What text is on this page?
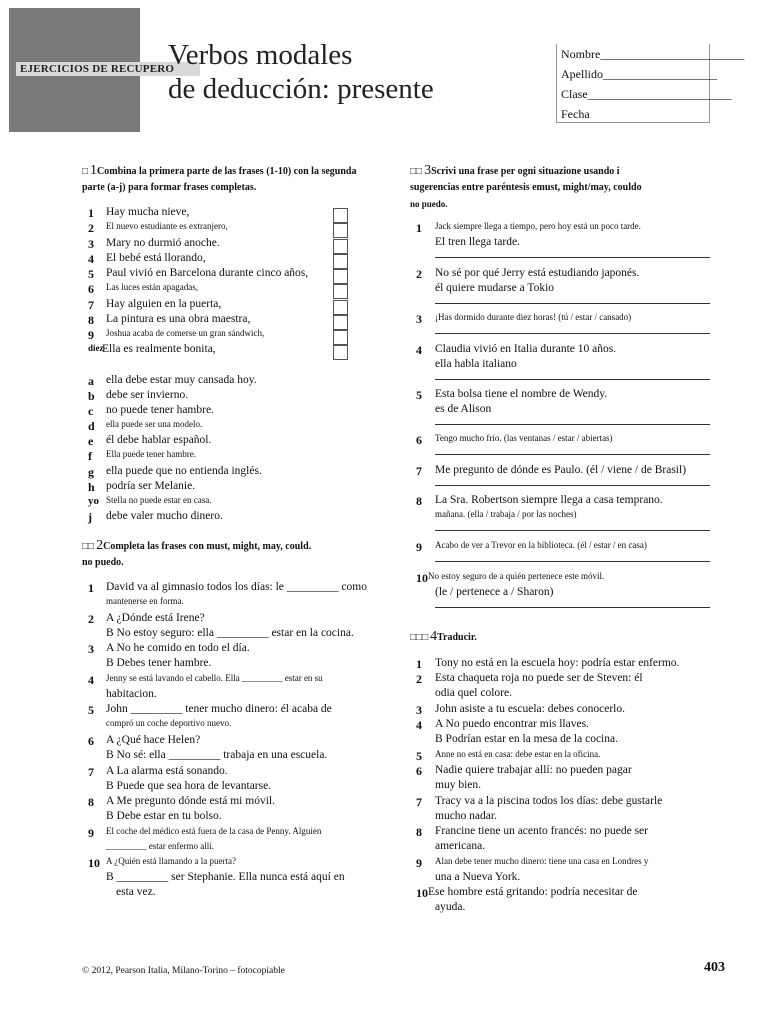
EJERCICIOS DE RECUPERO
Verbos modales
de deducción: presente
Nombre________________________
Apellido___________________
Clase________________________
Fecha
□ 1Combina la primera parte de las frases (1-10) con la segunda
parte (a-j) para formar frases completas.
1 Hay mucha nieve,
2 El nuevo estudiante es extranjero,
3 Mary no durmió anoche.
4 El bebé está llorando,
5 Paul vivió en Barcelona durante cinco años,
6 Las luces están apagadas,
7 Hay alguien en la puerta,
8 La pintura es una obra maestra,
9 Joshua acaba de comerse un gran sándwich,
diez
Ella es realmente bonita,
a ella debe estar muy cansada hoy.
b debe ser invierno.
c no puede tener hambre.
d ella puede ser una modelo.
e él debe hablar español.
f Ella puede tener hambre.
g ella puede que no entienda inglés.
h podría ser Melanie.
yo Stella no puede estar en casa.
j debe valer mucho dinero.
□□ 2Completa las frases con must, might, may, could.
no puedo.
1 David va al gimnasio todos los días: le _________ como
mantenerse en forma.
2 A ¿Dónde está Irene?
B No estoy seguro: ella _________ estar en la cocina.
3 A No he comido en todo el día.
B Debes tener hambre.
4 Jenny se está lavando el cabello. Ella _________ estar en su
habitacion.
5 John _________ tener mucho dinero: él acaba de
compró un coche deportivo nuevo.
6 A ¿Qué hace Helen?
B No sé: ella _________ trabaja en una escuela.
7 A La alarma está sonando.
B Puede que sea hora de levantarse.
8 A Me pregunto dónde está mi móvil.
B Debe estar en tu bolso.
9 El coche del médico está fuera de la casa de Penny. Alguien
_________ estar enfermo allí.
10 A ¿Quién está llamando a la puerta?
B _________ ser Stephanie. Ella nunca está aquí en
esta vez.
□□ 3Scrivi una frase per ogni situazione usando i
sugerencias entre paréntesis emust, might/may, couldo
no puedo.
1 Jack siempre llega a tiempo, pero hoy está un poco tarde.
El tren llega tarde.
2 No sé por qué Jerry está estudiando japonés.
él quiere mudarse a Tokio
3 ¡Has dormido durante diez horas! (tú / estar / cansado)
4 Claudia vivió en Italia durante 10 años.
ella habla italiano
5 Esta bolsa tiene el nombre de Wendy.
es de Alison
6 Tengo mucho frío. (las ventanas / estar / abiertas)
7 Me pregunto de dónde es Paulo. (él / viene / de Brasil)
8 La Sra. Robertson siempre llega a casa temprano.
mañana. (ella / trabaja / por las noches)
9 Acabo de ver a Trevor en la biblioteca. (él / estar / en casa)
10 No estoy seguro de a quién pertenece este móvil.
(le / pertenece a / Sharon)
□□□ 4Traducir.
1 Tony no está en la escuela hoy: podría estar enfermo.
2 Esta chaqueta roja no puede ser de Steven: él
odia quel colore.
3 John asiste a tu escuela: debes conocerlo.
4 A No puedo encontrar mis llaves.
B Podrían estar en la mesa de la cocina.
5 Anne no está en casa: debe estar en la oficina.
6 Nadie quiere trabajar allí: no pueden pagar
muy bien.
7 Tracy va a la piscina todos los días: debe gustarle
mucho nadar.
8 Francine tiene un acento francés: no puede ser
americana.
9 Alan debe tener mucho dinero: tiene una casa en Londres y
una a Nueva York.
10 Ese hombre está gritando: podría necesitar de
ayuda.
© 2012, Pearson Italia, Milano-Torino – fotocopiable	403
